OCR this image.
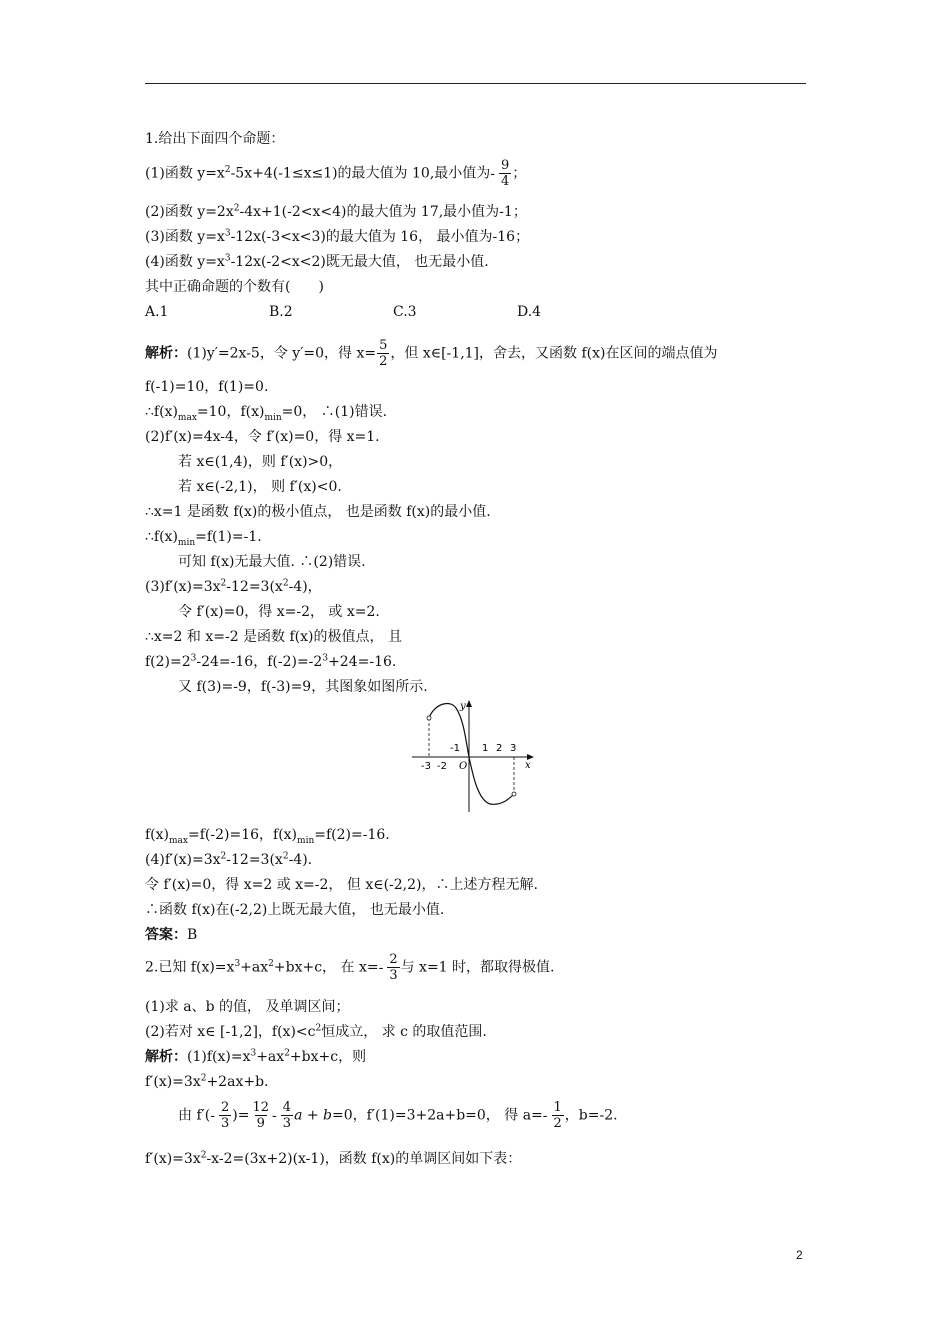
1.给出下面四个命题：
(1)函数 $y=x^2-5x+4(-1\le x\le 1)$的最大值为 10,最小值为- $\frac{9}{4}$ ；
(2)函数 $y=2x^2-4x+1(-2<x<4)$的最大值为 17,最小值为-1；
(3)函数 $y=x^3-12x(-3<x<3)$的最大值为 16， 最小值为-16；
(4)函数 $y=x^3-12x(-2<x<2)$既无最大值， 也无最小值.
其中正确命题的个数有(　　)
A.1	B.2	C.3	D.4
解析：(1)y′=2x-5，令 y′=0，得 $x= \frac{5}{2}$ ，但 x∈[-1,1]，舍去，又函数 f(x)在区间的端点值为
f(-1)=10，f(1)=0.
$\therefore f(x)_{max}=10$，$f(x)_{min}=0$， ∴(1)错误.
(2)f′(x)=4x-4，令 f′(x)=0，得 x=1.
若 x∈(1,4)，则 f′(x)>0，
若 x∈(-2,1)， 则 f′(x)<0.
∴x=1 是函数 f(x)的极小值点， 也是函数 f(x)的最小值.
$\therefore f(x)_{min}=f(1)=-1$.
可知 f(x)无最大值. ∴(2)错误.
$(3)f'(x)=3x^2-12=3(x^2-4)$，
令 f′(x)=0，得 x=-2， 或 x=2.
∴x=2 和 x=-2 是函数 f(x)的极值点， 且
$f(2)=2^3-24=-16$，$f(-2)=-2^3+24=-16$.
又 f(3)=-9，f(-3)=9，其图象如图所示.
y
x
O
-1 1 2 3
-3 -2
$f(x)_{max}=f(-2)=16$，$f(x)_{min}=f(2)=-16$.
$(4)f'(x)=3x^2-12=3(x^2-4)$.
令 f′(x)=0，得 x=2 或 x=-2， 但 x∈(-2,2)，∴上述方程无解.
∴函数 f(x)在(-2,2)上既无最大值， 也无最小值.
答案：B
2.已知 $f(x)=x^3+ax^2+bx+c$， 在 $x=- \frac{2}{3}$ 与 x=1 时，都取得极值.
(1)求 a、b 的值， 及单调区间；
(2)若对 x∈ [-1,2]，$f(x)<c^2$恒成立， 求 c 的取值范围.
解析：$(1)f(x)=x^3+ax^2+bx+c$，则
$f'(x)=3x^2+2ax+b$.
由 $f'(- \frac{2}{3}$ )= $\frac{12}{9} - \frac{4}{3}$ a + b=0，f′(1)=3+2a+b=0， 得 $a=- \frac{1}{2}$ ，b=-2.
$f'(x)=3x^2-x-2=(3x+2)(x-1)$，函数 f(x)的单调区间如下表：
2
